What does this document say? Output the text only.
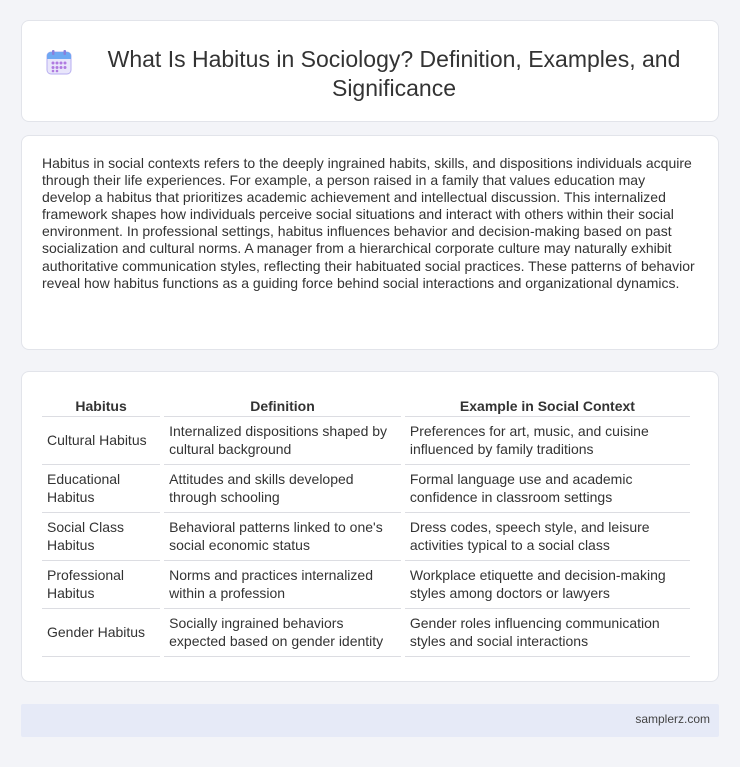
What Is Habitus in Sociology? Definition, Examples, and Significance

Habitus in social contexts refers to the deeply ingrained habits, skills, and dispositions individuals acquire through their life experiences. For example, a person raised in a family that values education may develop a habitus that prioritizes academic achievement and intellectual discussion. This internalized framework shapes how individuals perceive social situations and interact with others within their social environment. In professional settings, habitus influences behavior and decision-making based on past socialization and cultural norms. A manager from a hierarchical corporate culture may naturally exhibit authoritative communication styles, reflecting their habituated social practices. These patterns of behavior reveal how habitus functions as a guiding force behind social interactions and organizational dynamics.

Habitus	Definition	Example in Social Context
Cultural Habitus	Internalized dispositions shaped by cultural background	Preferences for art, music, and cuisine influenced by family traditions
Educational Habitus	Attitudes and skills developed through schooling	Formal language use and academic confidence in classroom settings
Social Class Habitus	Behavioral patterns linked to one's social economic status	Dress codes, speech style, and leisure activities typical to a social class
Professional Habitus	Norms and practices internalized within a profession	Workplace etiquette and decision-making styles among doctors or lawyers
Gender Habitus	Socially ingrained behaviors expected based on gender identity	Gender roles influencing communication styles and social interactions
samplerz.com
